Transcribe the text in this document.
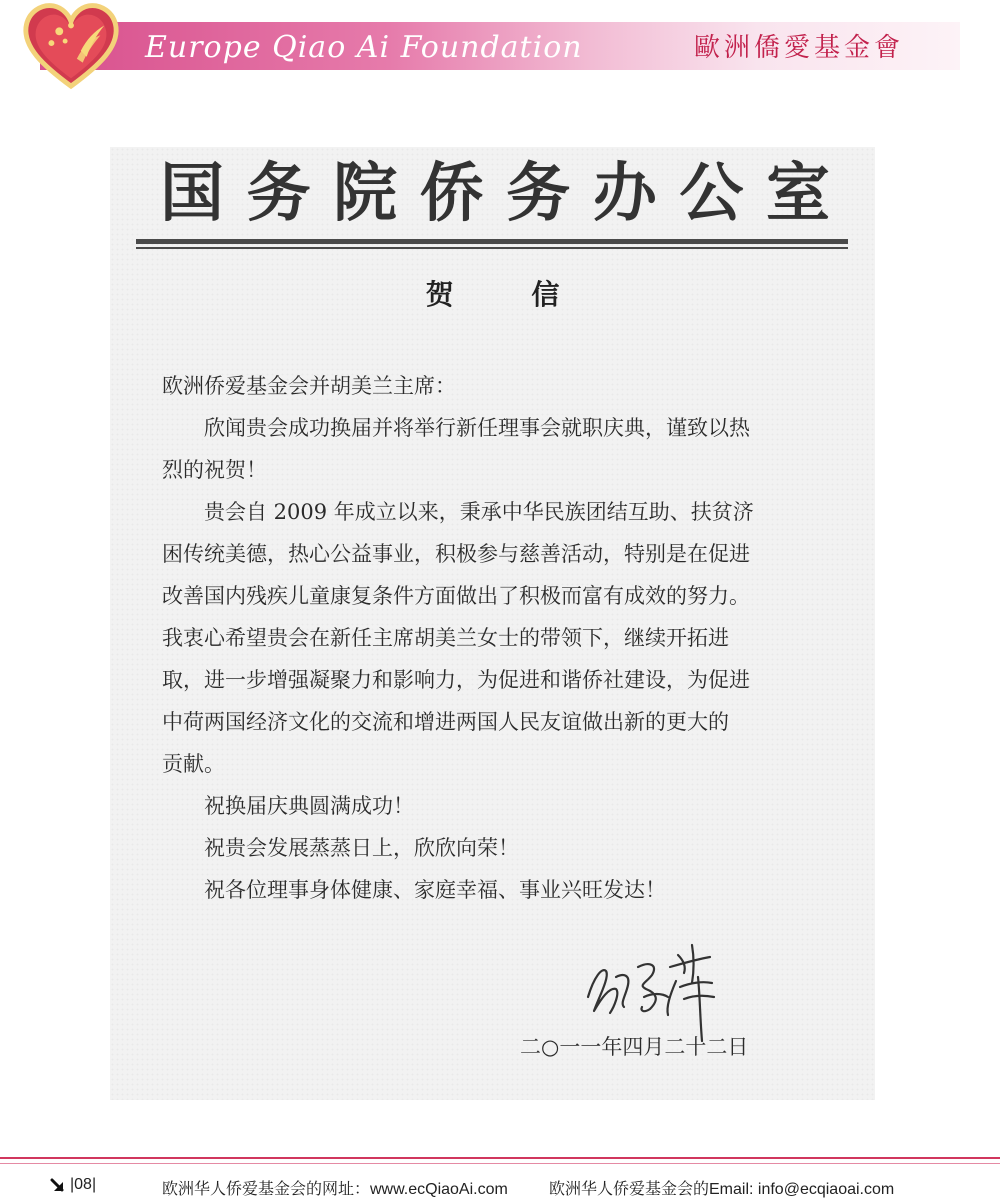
Europe Qiao Ai Foundation	歐洲僑愛基金會
国 务 院 侨 务 办 公 室
贺 信
欧洲侨爱基金会并胡美兰主席：
欣闻贵会成功换届并将举行新任理事会就职庆典，谨致以热
烈的祝贺！
贵会自 2009 年成立以来，秉承中华民族团结互助、扶贫济
困传统美德，热心公益事业，积极参与慈善活动，特别是在促进
改善国内残疾儿童康复条件方面做出了积极而富有成效的努力。
我衷心希望贵会在新任主席胡美兰女士的带领下，继续开拓进
取，进一步增强凝聚力和影响力，为促进和谐侨社建设，为促进
中荷两国经济文化的交流和增进两国人民友谊做出新的更大的
贡献。
祝换届庆典圆满成功！
祝贵会发展蒸蒸日上，欣欣向荣！
祝各位理事身体健康、家庭幸福、事业兴旺发达！
二○一一年四月二十二日
|08|	欧洲华人侨爱基金会的网址：www.ecQiaoAi.com	欧洲华人侨爱基金会的Email: info@ecqiaoai.com
